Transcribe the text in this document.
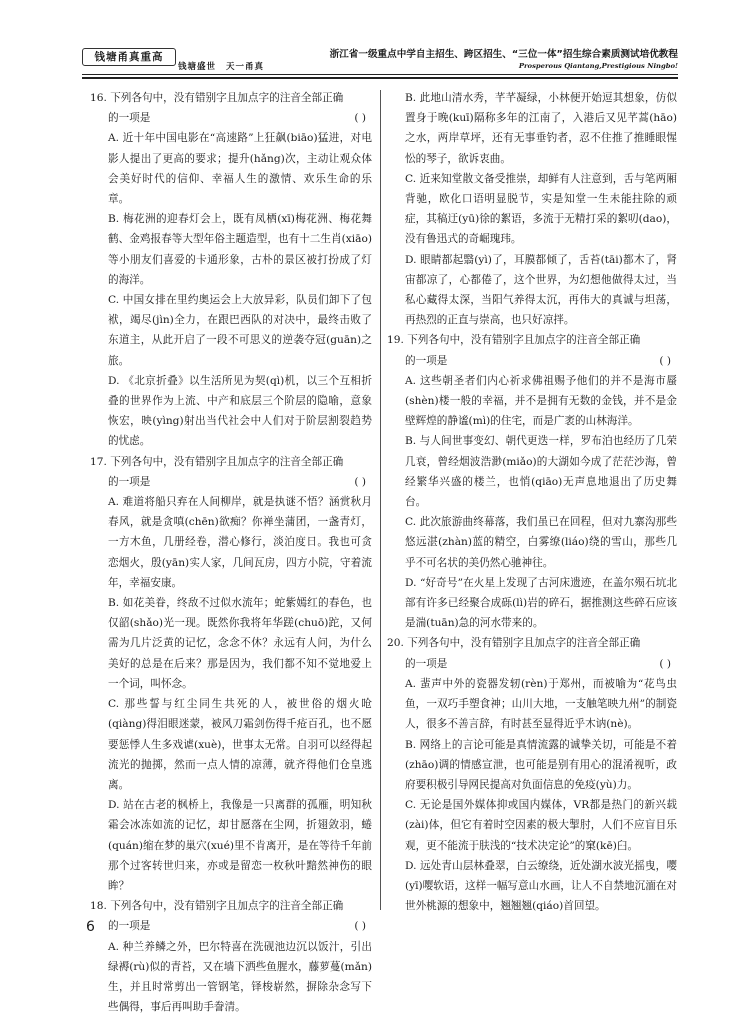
钱塘甬真重高
钱塘盛世 天一甬真
浙江省一级重点中学自主招生、跨区招生、“三位一体”招生综合素质测试培优教程
Prosperous Qiantang,Prestigious Ningbo!
16. 下列各句中，没有错别字且加点字的注音全部正确
的一项是	( )
A. 近十年中国电影在“高速路”上狂飙(biāo)猛进，对电影人提出了更高的要求；提升(hǎng)次，主动让观众体会美好时代的信仰、幸福人生的激情、欢乐生命的乐章。
B. 梅花洲的迎春灯会上，既有凤栖(xī)梅花洲、梅花舞鹤、金鸡报春等大型年俗主题造型，也有十二生肖(xiāo)等小朋友们喜爱的卡通形象，古朴的景区被打扮成了灯的海洋。
C. 中国女排在里约奥运会上大放异彩，队员们卸下了包袱，竭尽(jìn)全力，在跟巴西队的对决中，最终击败了东道主，从此开启了一段不可思义的逆袭夺冠(guān)之旅。
D. 《北京折叠》以生活所见为契(qì)机，以三个互相折叠的世界作为上流、中产和底层三个阶层的隐喻，意象恢宏，映(yìng)射出当代社会中人们对于阶层割裂趋势的忧虑。
17. 下列各句中，没有错别字且加点字的注音全部正确
的一项是	( )
A. 难道将船只弃在人间柳岸，就是执谜不悟？涵赏秋月春风，就是贪嗔(chēn)欲痴？你禅坐蒲团，一盏青灯，一方木鱼，几册经卷，潜心修行，淡泊度日。我也可贪恋烟火，殷(yān)实人家，几间瓦房，四方小院，守着流年，幸福安康。
B. 如花美眷，终敌不过似水流年；蛇紫嫣红的春色，也仅韶(shǎo)光一现。既然你我将年华蹉(chuō)跎，又何需为几片泛黄的记忆，念念不休？永远有人问，为什么美好的总是在后来？那是因为，我们都不知不觉地爱上一个词，叫怀念。
C. 那些誓与红尘同生共死的人，被世俗的烟火呛(qiàng)得泪眼迷蒙，被风刀霜剑伤得千疮百孔，也不愿要惩悸人生多戏谑(xuè)，世事太无常。自羽可以经得起流光的抛掷，然而一点人情的凉薄，就齐得他们仓皇逃离。
D. 站在古老的枫桥上，我像是一只离群的孤雁，明知秋霜会冰冻如流的记忆，却甘愿落在尘网，折翅敛羽，蜷(quán)缩在梦的巢穴(xué)里不肯离开，是在等待千年前那个过客转世归来，亦或是留恋一枚秋叶黯然神伤的眼眸？
18. 下列各句中，没有错别字且加点字的注音全部正确
的一项是	( )
A. 种兰养鳞之外，巴尔特喜在洗砚池边沉以饭汁，引出绿褥(rù)似的青苔，又在墙下洒些鱼腥水，藤萝蔓(mǎn)生，并且时常剪出一管钢笔，铎梭崭然，摒除杂念写下些偶得，事后再叫助手誊清。
B. 此地山清水秀，芊芊凝绿，小林便开始逗其想象，仿似置身于晚(kuī)隔称多年的江南了，入港后又见芊蒿(hāo)之水，两岸草坪，还有无事垂钓者，忍不住推了推睡眼惺忪的琴子，欲诉衷曲。
C. 近来知堂散文备受推崇，却鲜有人注意到，舌与笔两厢背驰，欧化口语明显脱节，实是知堂一生未能拄除的顽症，其稿迂(yū)徐的絮语，多流于无精打采的絮叨(dao)，没有鲁迅式的奇崛瑰玮。
D. 眼睛都起翳(yì)了，耳膜都倾了，舌苔(tāi)都木了，肾宙都凉了，心都倦了，这个世界，为幻想他做得太过，当私心藏得太深，当阳气养得太沉，再伟大的真诚与坦荡，再热烈的正直与崇高，也只好凉拌。
19. 下列各句中，没有错别字且加点字的注音全部正确
的一项是	( )
A. 这些朝圣者们内心祈求佛祖赐予他们的并不是海市蜃(shèn)楼一般的幸福，并不是拥有无数的金钱，并不是金壁辉煌的静谧(mì)的住宅，而是广袤的山林海洋。
B. 与人间世事变幻、朝代更迭一样，罗布泊也经历了几荣几衰，曾经烟波浩渺(miǎo)的大湖如今成了茫茫沙海，曾经繁华兴盛的楼兰，也悄(qiāo)无声息地退出了历史舞台。
C. 此次旅游曲终幕落，我们虽已在回程，但对九寨沟那些悠远湛(zhàn)蓝的精空，白雾缭(liáo)绕的雪山，那些几乎不可名状的美仍然心驰神往。
D. “好奇号”在火星上发现了古河床遗迹，在盖尔殒石坑北部有许多已经聚合成砾(lì)岩的碎石，据推测这些碎石应该是湍(tuān)急的河水带来的。
20. 下列各句中，没有错别字且加点字的注音全部正确
的一项是	( )
A. 蜚声中外的瓷器发轫(rèn)于郑州，而被喻为“花鸟虫鱼，一双巧手塑食神；山川大地，一支触笔映九州”的制瓷人，很多不善言辞，有时甚至显得近乎木讷(nè)。
B. 网络上的言论可能是真情流露的诚挚关切，可能是不着(zhāo)调的情感宣泄，也可能是别有用心的混淆视听，政府要积极引导网民提高对负面信息的免疫(yù)力。
C. 无论是国外媒体抑或国内媒体，VR都是热门的新兴载(zài)体，但它有着时空因素的极大掣肘，人们不应盲目乐观，更不能流于肤浅的“技术决定论”的窠(kē)臼。
D. 远处青山层林叠翠，白云缭绕，近处湖水波光摇曳，嘤(yī)嘤软语，这样一幅写意山水画，让人不自禁地沉湎在对世外桃源的想象中，翘翘翘(qiáo)首回望。
6
